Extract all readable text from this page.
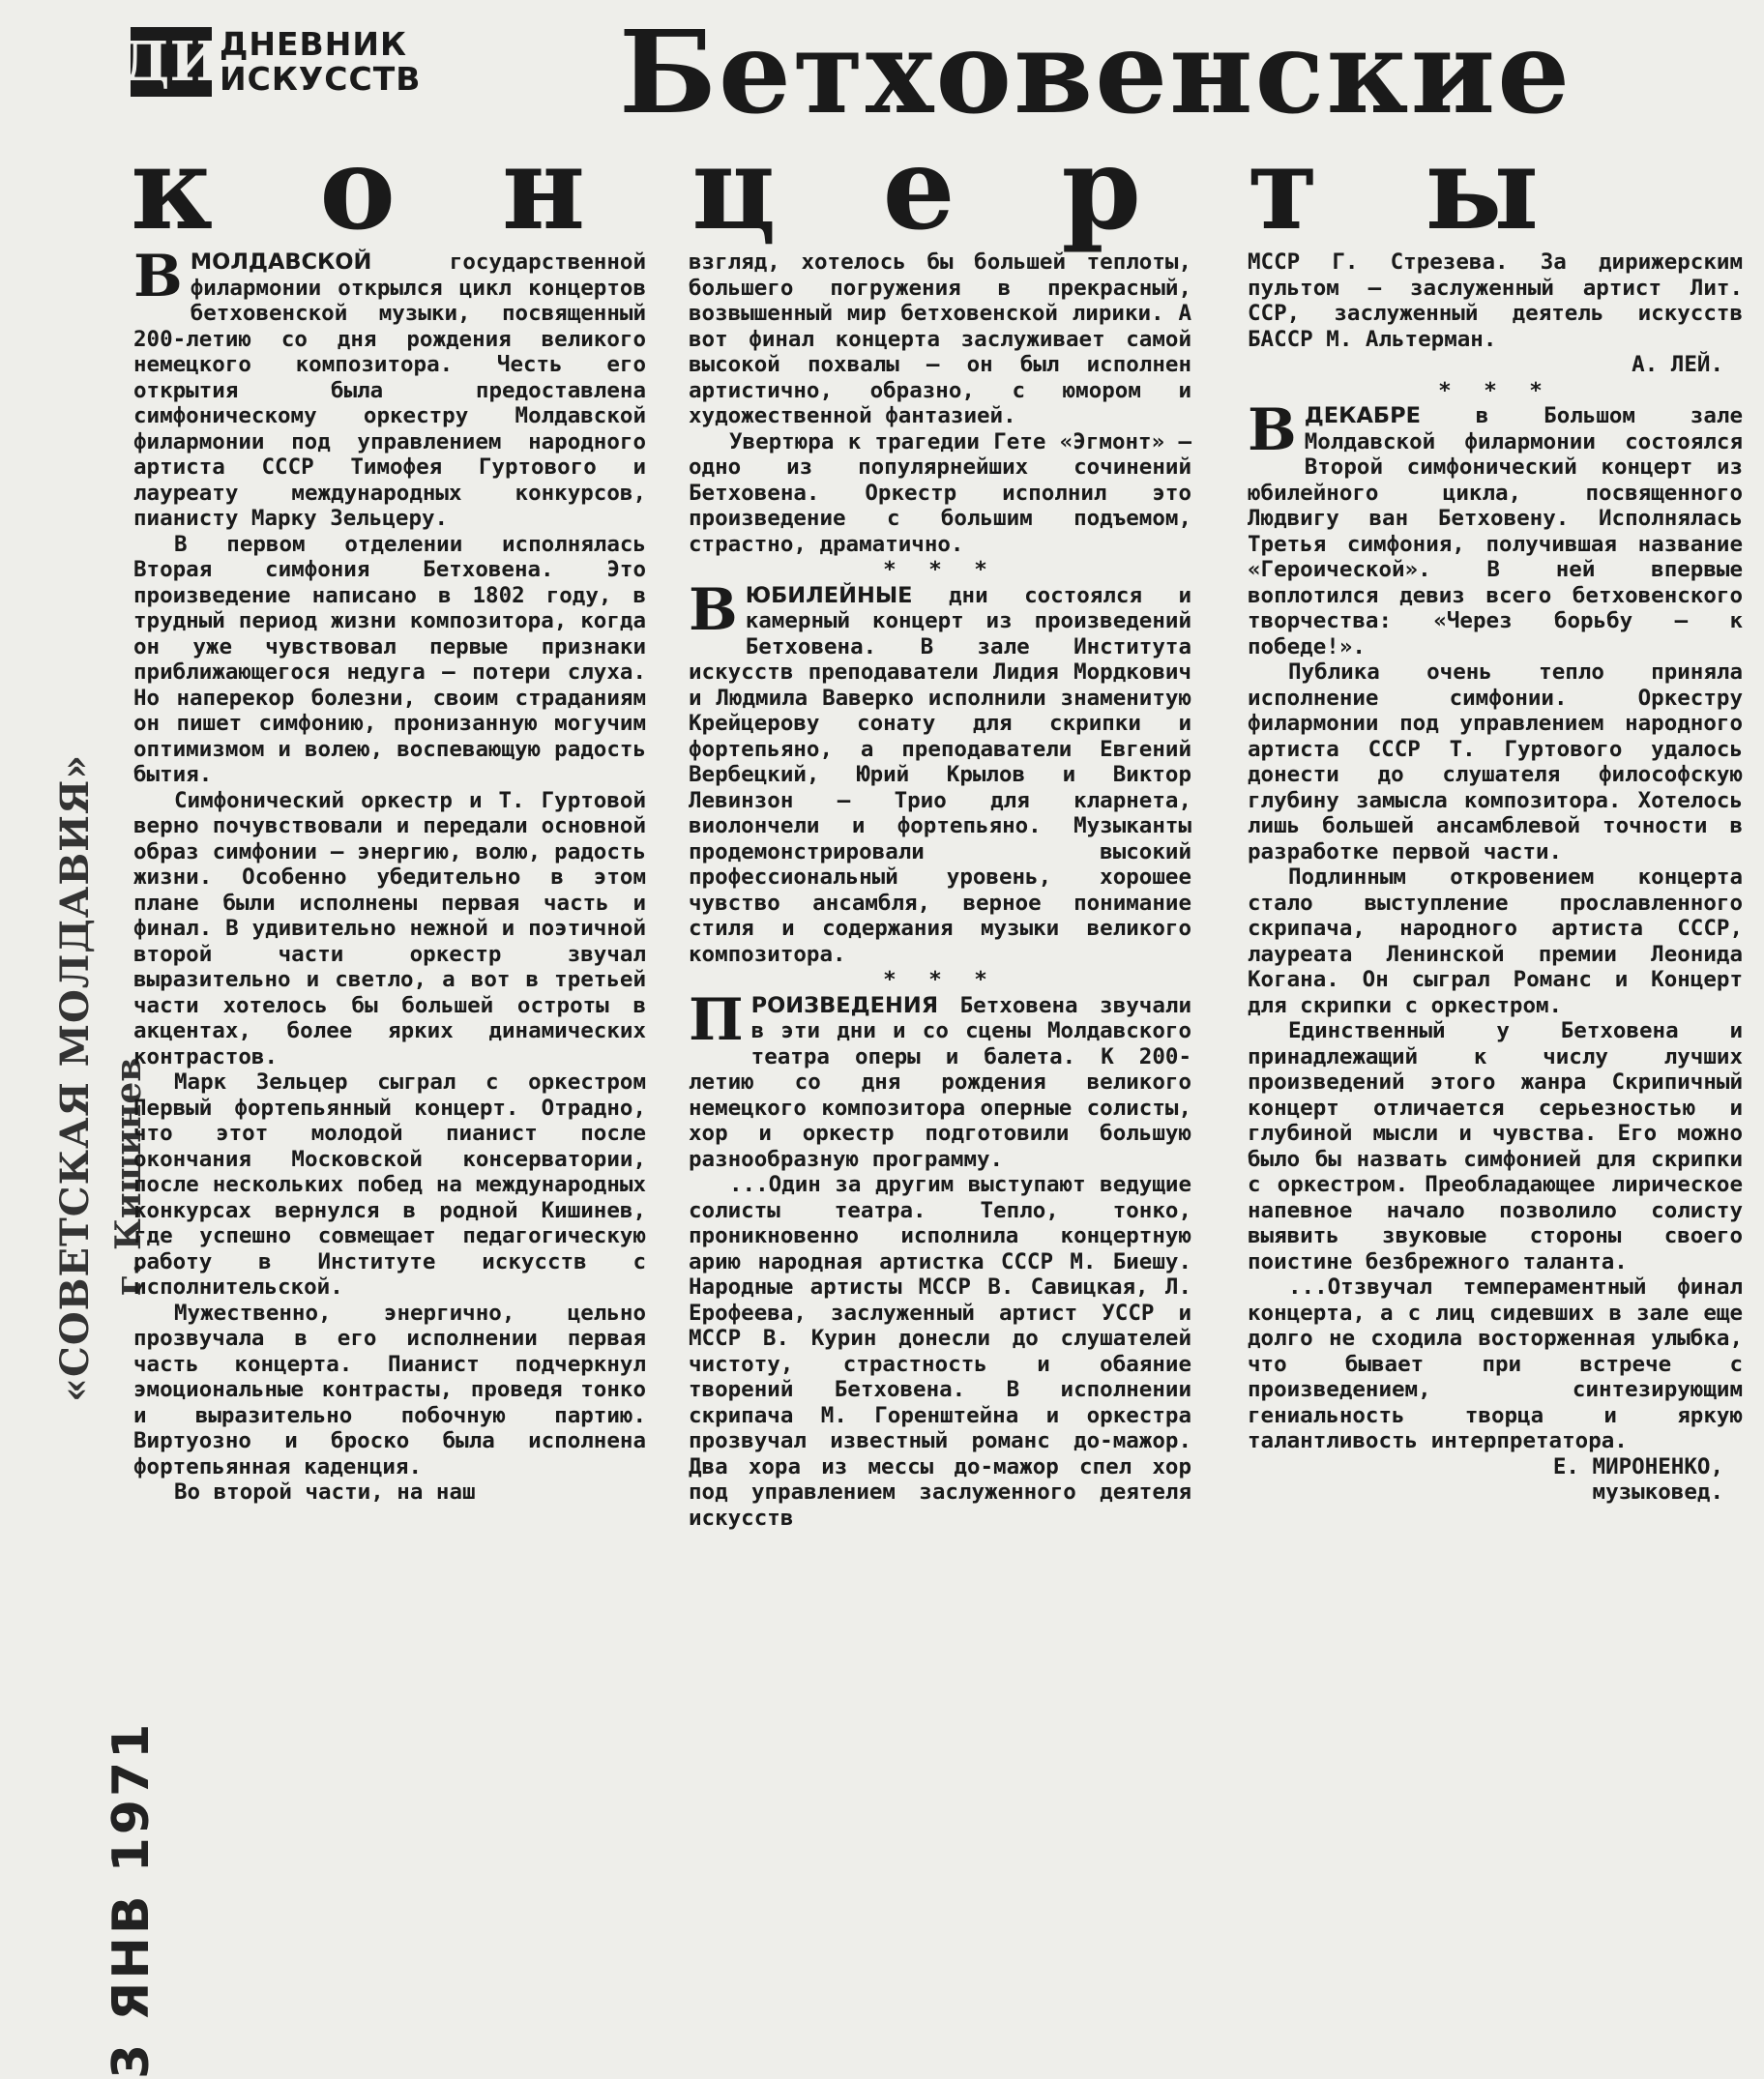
ДИ
ДНЕВНИК
ИСКУССТВ Бетховенские
концерты
«СОВЕТСКАЯ МОЛДАВИЯ» г. Кишинев
3 ЯНВ 1971

ВМОЛДАВСКОЙ государственной филармонии открылся цикл концертов бетховенской музыки, посвященный 200-летию со дня рождения великого немецкого композитора. Честь его открытия была предоставлена симфоническому оркестру Молдавской филармонии под управлением народного артиста СССР Тимофея Гуртового и лауреату международных конкурсов, пианисту Марку Зельцеру.

В первом отделении исполнялась Вторая симфония Бетховена. Это произведение написано в 1802 году, в трудный период жизни композитора, когда он уже чувствовал первые признаки приближающегося недуга — потери слуха. Но наперекор болезни, своим страданиям он пишет симфонию, пронизанную могучим оптимизмом и волею, воспевающую радость бытия.

Симфонический оркестр и Т. Гуртовой верно почувствовали и передали основной образ симфонии — энергию, волю, радость жизни. Особенно убедительно в этом плане были исполнены первая часть и финал. В удивительно нежной и поэтичной второй части оркестр звучал выразительно и светло, а вот в третьей части хотелось бы большей остроты в акцентах, более ярких динамических контрастов.

Марк Зельцер сыграл с оркестром Первый фортепьянный концерт. Отрадно, что этот молодой пианист после окончания Московской консерватории, после нескольких побед на международных конкурсах вернулся в родной Кишинев, где успешно совмещает педагогическую работу в Институте искусств с исполнительской.

Мужественно, энергично, цельно прозвучала в его исполнении первая часть концерта. Пианист подчеркнул эмоциональные контрасты, проведя тонко и выразительно побочную партию. Виртуозно и броско была исполнена фортепьянная каденция.

Во второй части, на наш

взгляд, хотелось бы большей теплоты, большего погружения в прекрасный, возвышенный мир бетховенской лирики. А вот финал концерта заслуживает самой высокой похвалы — он был исполнен артистично, образно, с юмором и художественной фантазией.

Увертюра к трагедии Гете «Эгмонт» — одно из популярнейших сочинений Бетховена. Оркестр исполнил это произведение с большим подъемом, страстно, драматично.

* * *

ВЮБИЛЕЙНЫЕ дни состоялся и камерный концерт из произведений Бетховена. В зале Института искусств преподаватели Лидия Мордкович и Людмила Ваверко исполнили знаменитую Крейцерову сонату для скрипки и фортепьяно, а преподаватели Евгений Вербецкий, Юрий Крылов и Виктор Левинзон — Трио для кларнета, виолончели и фортепьяно. Музыканты продемонстрировали высокий профессиональный уровень, хорошее чувство ансамбля, верное понимание стиля и содержания музыки великого композитора.

* * *

ПРОИЗВЕДЕНИЯ Бетховена звучали в эти дни и со сцены Молдавского театра оперы и балета. К 200-летию со дня рождения великого немецкого композитора оперные солисты, хор и оркестр подготовили большую разнообразную программу.

...Один за другим выступают ведущие солисты театра. Тепло, тонко, проникновенно исполнила концертную арию народная артистка СССР М. Биешу. Народные артисты МССР В. Савицкая, Л. Ерофеева, заслуженный артист УССР и МССР В. Курин донесли до слушателей чистоту, страстность и обаяние творений Бетховена. В исполнении скрипача М. Горенштейна и оркестра прозвучал известный романс до-мажор. Два хора из мессы до-мажор спел хор под управлением заслуженного деятеля искусств

МССР Г. Стрезева. За дирижерским пультом — заслуженный артист Лит. ССР, заслуженный деятель искусств БАССР М. Альтерман.

А. ЛЕЙ.

* * *

ВДЕКАБРЕ в Большом зале Молдавской филармонии состоялся Второй симфонический концерт из юбилейного цикла, посвященного Людвигу ван Бетховену. Исполнялась Третья симфония, получившая название «Героической». В ней впервые воплотился девиз всего бетховенского творчества: «Через борьбу — к победе!».

Публика очень тепло приняла исполнение симфонии. Оркестру филармонии под управлением народного артиста СССР Т. Гуртового удалось донести до слушателя философскую глубину замысла композитора. Хотелось лишь большей ансамблевой точности в разработке первой части.

Подлинным откровением концерта стало выступление прославленного скрипача, народного артиста СССР, лауреата Ленинской премии Леонида Когана. Он сыграл Романс и Концерт для скрипки с оркестром.

Единственный у Бетховена и принадлежащий к числу лучших произведений этого жанра Скрипичный концерт отличается серьезностью и глубиной мысли и чувства. Его можно было бы назвать симфонией для скрипки с оркестром. Преобладающее лирическое напевное начало позволило солисту выявить звуковые стороны своего поистине безбрежного таланта.

...Отзвучал темпераментный финал концерта, а с лиц сидевших в зале еще долго не сходила восторженная улыбка, что бывает при встрече с произведением, синтезирующим гениальность творца и яркую талантливость интерпретатора.

Е. МИРОНЕНКО,

музыковед.
